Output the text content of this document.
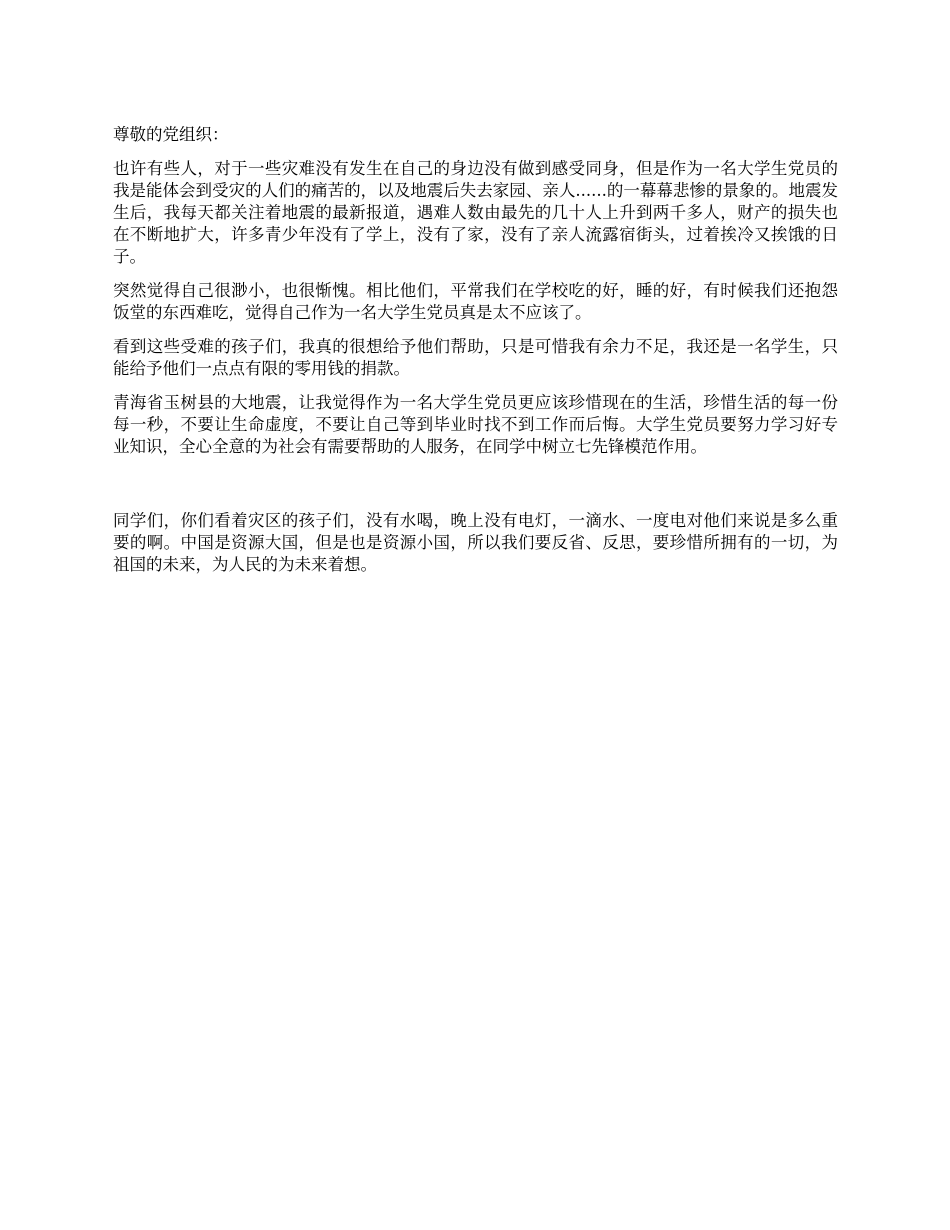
尊敬的党组织：

也许有些人，对于一些灾难没有发生在自己的身边没有做到感受同身，但是作为一名大学生党员的我是能体会到受灾的人们的痛苦的，以及地震后失去家园、亲人......的一幕幕悲惨的景象的。地震发生后，我每天都关注着地震的最新报道，遇难人数由最先的几十人上升到两千多人，财产的损失也在不断地扩大，许多青少年没有了学上，没有了家，没有了亲人流露宿街头，过着挨冷又挨饿的日子。

突然觉得自己很渺小，也很惭愧。相比他们，平常我们在学校吃的好，睡的好，有时候我们还抱怨饭堂的东西难吃，觉得自己作为一名大学生党员真是太不应该了。

看到这些受难的孩子们，我真的很想给予他们帮助，只是可惜我有余力不足，我还是一名学生，只能给予他们一点点有限的零用钱的捐款。

青海省玉树县的大地震，让我觉得作为一名大学生党员更应该珍惜现在的生活，珍惜生活的每一份每一秒，不要让生命虚度，不要让自己等到毕业时找不到工作而后悔。大学生党员要努力学习好专业知识，全心全意的为社会有需要帮助的人服务，在同学中树立七先锋模范作用。

同学们，你们看着灾区的孩子们，没有水喝，晚上没有电灯，一滴水、一度电对他们来说是多么重要的啊。中国是资源大国，但是也是资源小国，所以我们要反省、反思，要珍惜所拥有的一切，为祖国的未来，为人民的为未来着想。
